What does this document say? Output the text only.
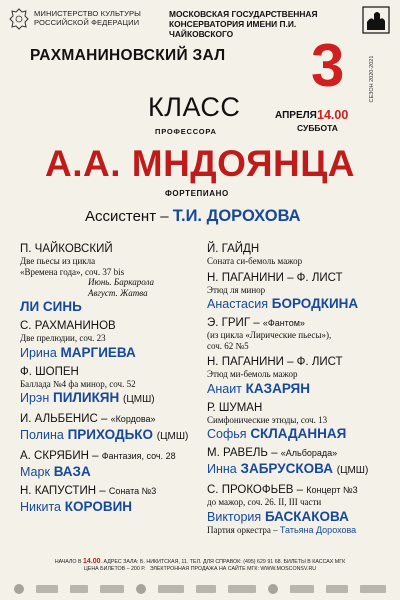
МИНИСТЕРСТВО КУЛЬТУРЫ
РОССИЙСКОЙ ФЕДЕРАЦИИ
МОСКОВСКАЯ ГОСУДАРСТВЕННАЯ
КОНСЕРВАТОРИЯ ИМЕНИ П.И. ЧАЙКОВСКОГО
РАХМАНИНОВСКИЙ ЗАЛ 3	СЕЗОН 2020-2021
АПРЕЛЯ 14.00
СУББОТА
КЛАСС
ПРОФЕССОРА
А.А. МНДОЯНЦА
ФОРТЕПИАНО
Ассистент – Т.И. ДОРОХОВА
П. ЧАЙКОВСКИЙ
Две пьесы из цикла
«Времена года», соч. 37 bis
Июнь. Баркарола
Август. Жатва
ЛИ СИНЬ
С. РАХМАНИНОВ
Две прелюдии, соч. 23
Ирина МАРГИЕВА
Ф. ШОПЕН
Баллада №4 фа минор, соч. 52
Ирэн ПИЛИКЯН (ЦМШ)
И. АЛЬБЕНИС – «Кордова»
Полина ПРИХОДЬКО (ЦМШ)
А. СКРЯБИН – Фантазия, соч. 28
Марк ВАЗА
Н. КАПУСТИН – Соната №3
Никита КОРОВИН
Й. ГАЙДН
Соната си-бемоль мажор
Н. ПАГАНИНИ – Ф. ЛИСТ
Этюд ля минор
Анастасия БОРОДКИНА
Э. ГРИГ – «Фантом»
(из цикла «Лирические пьесы»),
соч. 62 №5
Н. ПАГАНИНИ – Ф. ЛИСТ
Этюд ми-бемоль мажор
Анаит КАЗАРЯН
Р. ШУМАН
Симфонические этюды, соч. 13
Софья СКЛАДАННАЯ
М. РАВЕЛЬ – «Альборада»
Инна ЗАБРУСКОВА (ЦМШ)
С. ПРОКОФЬЕВ – Концерт №3
до мажор, соч. 26. II, III части
Виктория БАСКАКОВА
Партия оркестра – Татьяна Дорохова
НАЧАЛО В 14.00. АДРЕС ЗАЛА: Б. НИКИТСКАЯ, 11. ТЕЛ. ДЛЯ СПРАВОК: (495) 629 91 68. БИЛЕТЫ В КАССАХ МГК
ЦЕНА БИЛЕТОВ – 200 Р. ЭЛЕКТРОННАЯ ПРОДАЖА НА САЙТЕ МГК: WWW.MOSCONSV.RU
